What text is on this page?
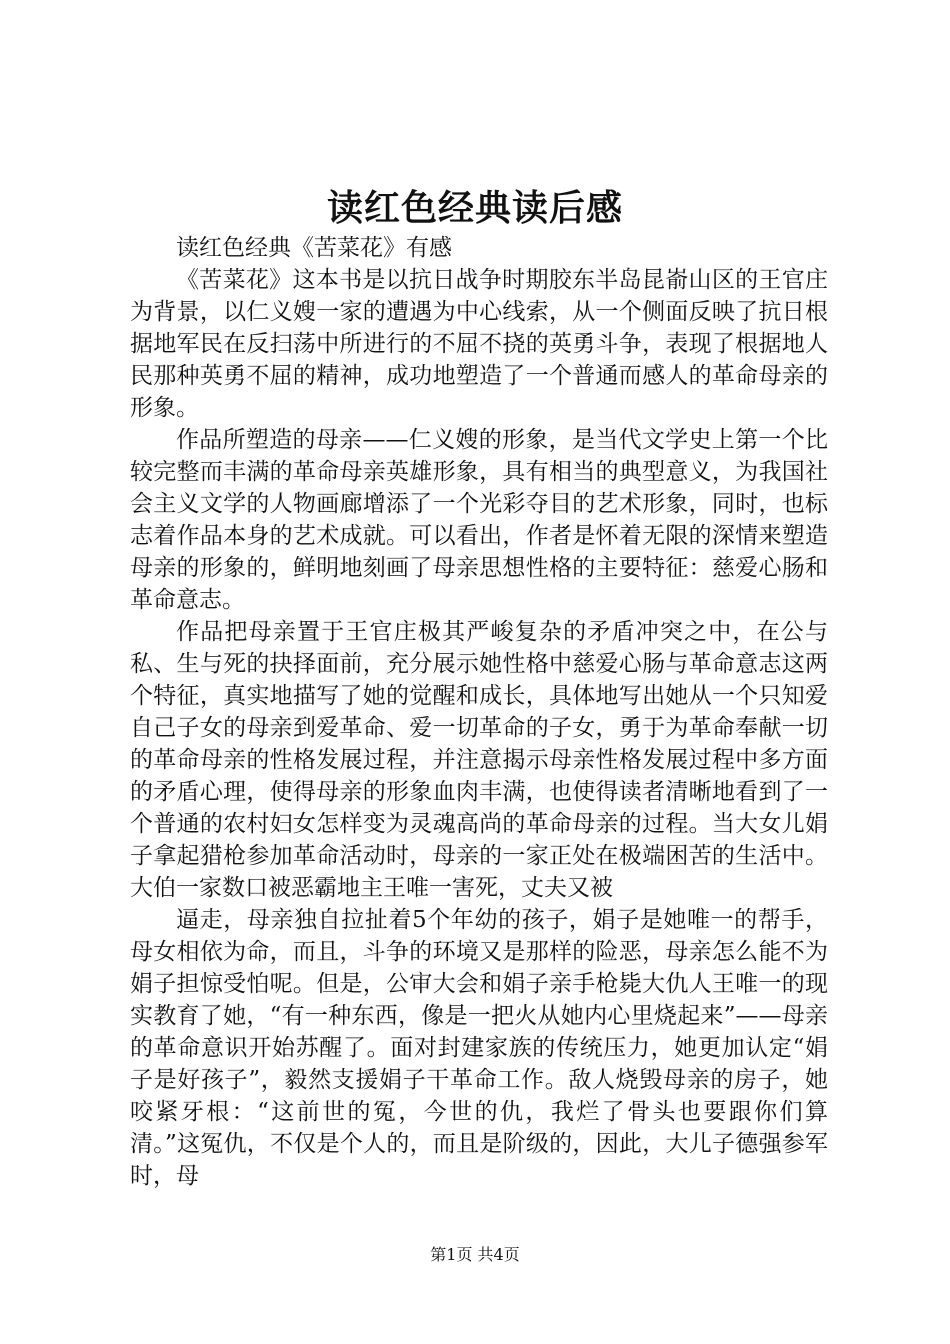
读红色经典读后感

读红色经典《苦菜花》有感

《苦菜花》这本书是以抗日战争时期胶东半岛昆嵛山区的王官庄为背景，以仁义嫂一家的遭遇为中心线索，从一个侧面反映了抗日根据地军民在反扫荡中所进行的不屈不挠的英勇斗争，表现了根据地人民那种英勇不屈的精神，成功地塑造了一个普通而感人的革命母亲的形象。

作品所塑造的母亲——仁义嫂的形象，是当代文学史上第一个比较完整而丰满的革命母亲英雄形象，具有相当的典型意义，为我国社会主义文学的人物画廊增添了一个光彩夺目的艺术形象，同时，也标志着作品本身的艺术成就。可以看出，作者是怀着无限的深情来塑造母亲的形象的，鲜明地刻画了母亲思想性格的主要特征：慈爱心肠和革命意志。

作品把母亲置于王官庄极其严峻复杂的矛盾冲突之中，在公与私、生与死的抉择面前，充分展示她性格中慈爱心肠与革命意志这两个特征，真实地描写了她的觉醒和成长，具体地写出她从一个只知爱自己子女的母亲到爱革命、爱一切革命的子女，勇于为革命奉献一切的革命母亲的性格发展过程，并注意揭示母亲性格发展过程中多方面的矛盾心理，使得母亲的形象血肉丰满，也使得读者清晰地看到了一个普通的农村妇女怎样变为灵魂高尚的革命母亲的过程。当大女儿娟子拿起猎枪参加革命活动时，母亲的一家正处在极端困苦的生活中。大伯一家数口被恶霸地主王唯一害死，丈夫又被

逼走，母亲独自拉扯着5个年幼的孩子，娟子是她唯一的帮手，母女相依为命，而且，斗争的环境又是那样的险恶，母亲怎么能不为娟子担惊受怕呢。但是，公审大会和娟子亲手枪毙大仇人王唯一的现实教育了她，“有一种东西，像是一把火从她内心里烧起来”——母亲的革命意识开始苏醒了。面对封建家族的传统压力，她更加认定“娟子是好孩子”，毅然支援娟子干革命工作。敌人烧毁母亲的房子，她咬紧牙根：“这前世的冤，今世的仇，我烂了骨头也要跟你们算清。”这冤仇，不仅是个人的，而且是阶级的，因此，大儿子德强参军时，母

第1页 共4页
